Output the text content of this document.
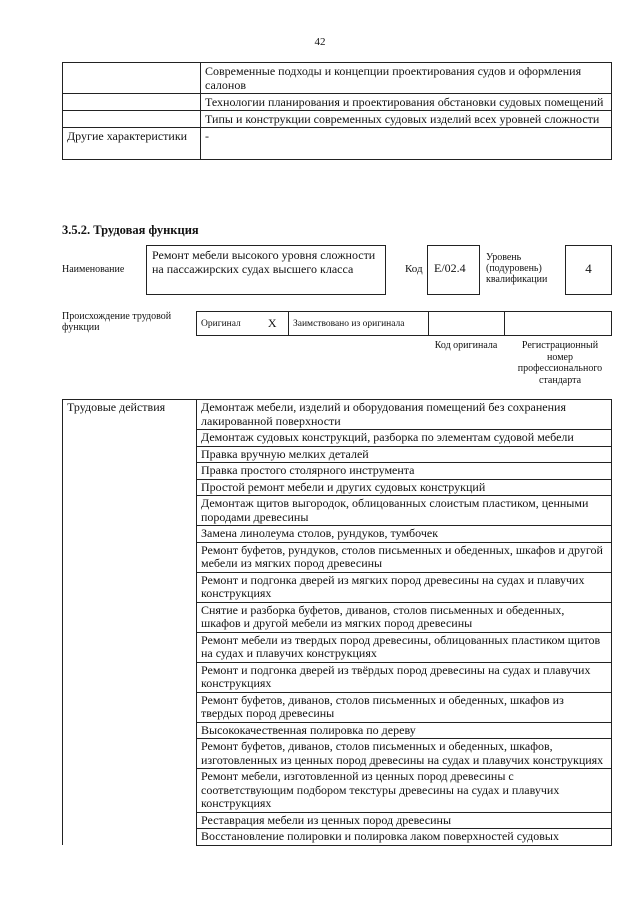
42
	Современные подходы и концепции проектирования судов и оформления салонов
	Технологии планирования и проектирования обстановки судовых помещений
	Типы и конструкции современных судовых изделий всех уровней сложности
Другие характеристики	-
3.5.2. Трудовая функция
Наименование
Ремонт мебели высокого уровня сложности на пассажирских судах высшего класса	Код E/02.4
Уровень (подуровень) квалификации
4
Происхождение трудовой функции	Оригинал	X	Заимствовано из оригинала		
Код оригинала	Регистрационный номер профессионального стандарта
Трудовые действия	Демонтаж мебели, изделий и оборудования помещений без сохранения лакированной поверхности
Демонтаж судовых конструкций, разборка по элементам судовой мебели
Правка вручную мелких деталей
Правка простого столярного инструмента
Простой ремонт мебели и других судовых конструкций
Демонтаж щитов выгородок, облицованных слоистым пластиком, ценными породами древесины
Замена линолеума столов, рундуков, тумбочек
Ремонт буфетов, рундуков, столов письменных и обеденных, шкафов и другой мебели из мягких пород древесины
Ремонт и подгонка дверей из мягких пород древесины на судах и плавучих конструкциях
Снятие и разборка буфетов, диванов, столов письменных и обеденных, шкафов и другой мебели из мягких пород древесины
Ремонт мебели из твердых пород древесины, облицованных пластиком щитов на судах и плавучих конструкциях
Ремонт и подгонка дверей из твёрдых пород древесины на судах и плавучих конструкциях
Ремонт буфетов, диванов, столов письменных и обеденных, шкафов из твердых пород древесины
Высококачественная полировка по дереву
Ремонт буфетов, диванов, столов письменных и обеденных, шкафов, изготовленных из ценных пород древесины на судах и плавучих конструкциях
Ремонт мебели, изготовленной из ценных пород древесины с соответствующим подбором текстуры древесины на судах и плавучих конструкциях
Реставрация мебели из ценных пород древесины
Восстановление полировки и полировка лаком поверхностей судовых
